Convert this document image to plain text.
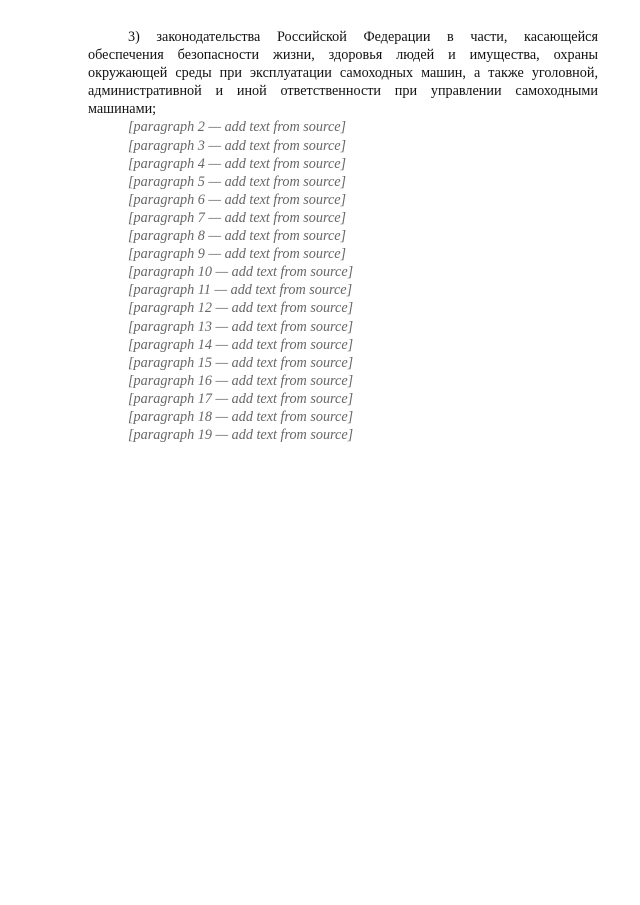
3) законодательства Российской Федерации в части, касающейся обеспечения безопасности жизни, здоровья людей и имущества, охраны окружающей среды при эксплуатации самоходных машин, а также уголовной, административной и иной ответственности при управлении самоходными машинами;

[paragraph 2 — add text from source]

[paragraph 3 — add text from source]

[paragraph 4 — add text from source]

[paragraph 5 — add text from source]

[paragraph 6 — add text from source]

[paragraph 7 — add text from source]

[paragraph 8 — add text from source]

[paragraph 9 — add text from source]

[paragraph 10 — add text from source]

[paragraph 11 — add text from source]

[paragraph 12 — add text from source]

[paragraph 13 — add text from source]

[paragraph 14 — add text from source]

[paragraph 15 — add text from source]

[paragraph 16 — add text from source]

[paragraph 17 — add text from source]

[paragraph 18 — add text from source]

[paragraph 19 — add text from source]
